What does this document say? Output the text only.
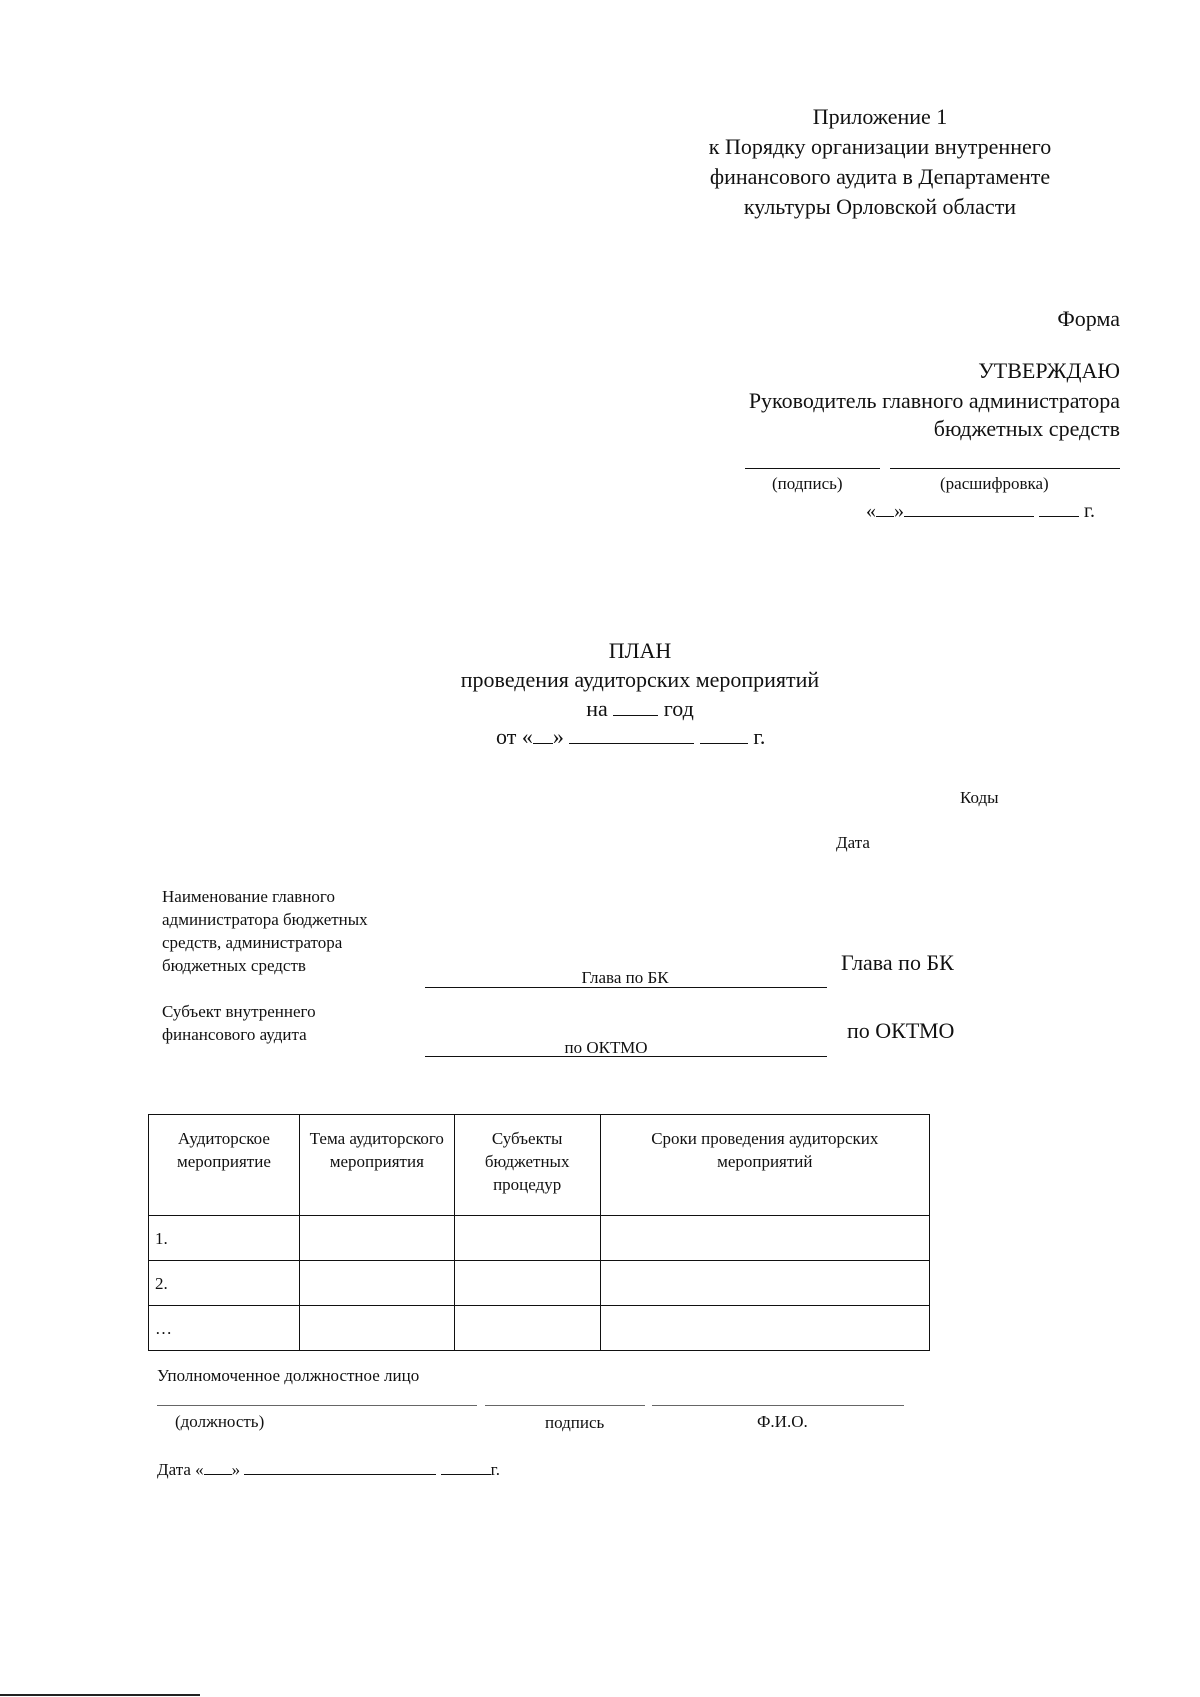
Приложение 1
к Порядку организации внутреннего
финансового аудита в Департаменте
культуры Орловской области
Форма
УТВЕРЖДАЮ
Руководитель главного администратора
бюджетных средств
(подпись)	(расшифровка)
« »	г.
ПЛАН
проведения аудиторских мероприятий
на	год
от « »	г.
Коды
Дата
Наименование главного
администратора бюджетных
средств, администратора
бюджетных средств
Глава по БК
Глава по БК
Субъект внутреннего
финансового аудита
по ОКТМО
по ОКТМО
Аудиторское мероприятие	Тема аудиторского мероприятия	Субъекты бюджетных процедур	Сроки проведения аудиторских мероприятий
1.			
2.			
…			
Уполномоченное должностное лицо
(должность)	подпись	Ф.И.О.
Дата « »	г.
